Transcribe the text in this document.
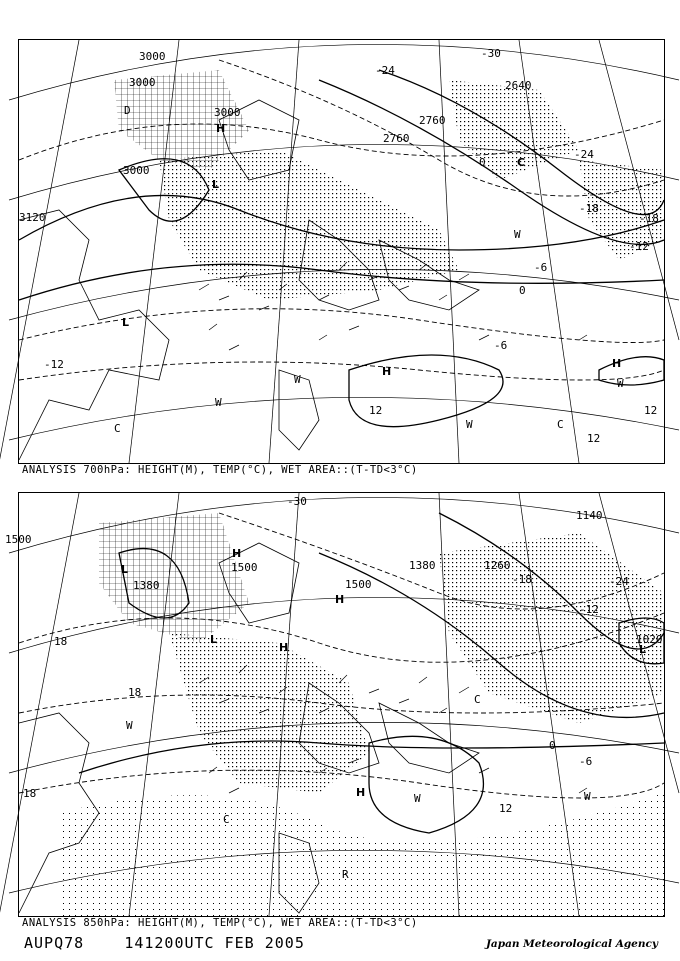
3000
3000
3000
3000
3120
2760
2640
2760
-30
-24
-24
-18
-18
-12
-6
-6
0
-12
12	12
12
0
H
L
H
H
L
C
W
W
W
C
W
C
W
D
ANALYSIS 700hPa: HEIGHT(M), TEMP(°C), WET AREA::(T-TD<3°C)
1500
1500
1380
1380
1260
1140
1500
1020
18
18
18
-30
0
-6
12
-12
-18	-24
L
H
H
L
L
H
H
W
W
R
C
W
C
ANALYSIS 850hPa: HEIGHT(M), TEMP(°C), WET AREA::(T-TD<3°C)
AUPQ78	141200UTC FEB 2005	Japan Meteorological Agency
